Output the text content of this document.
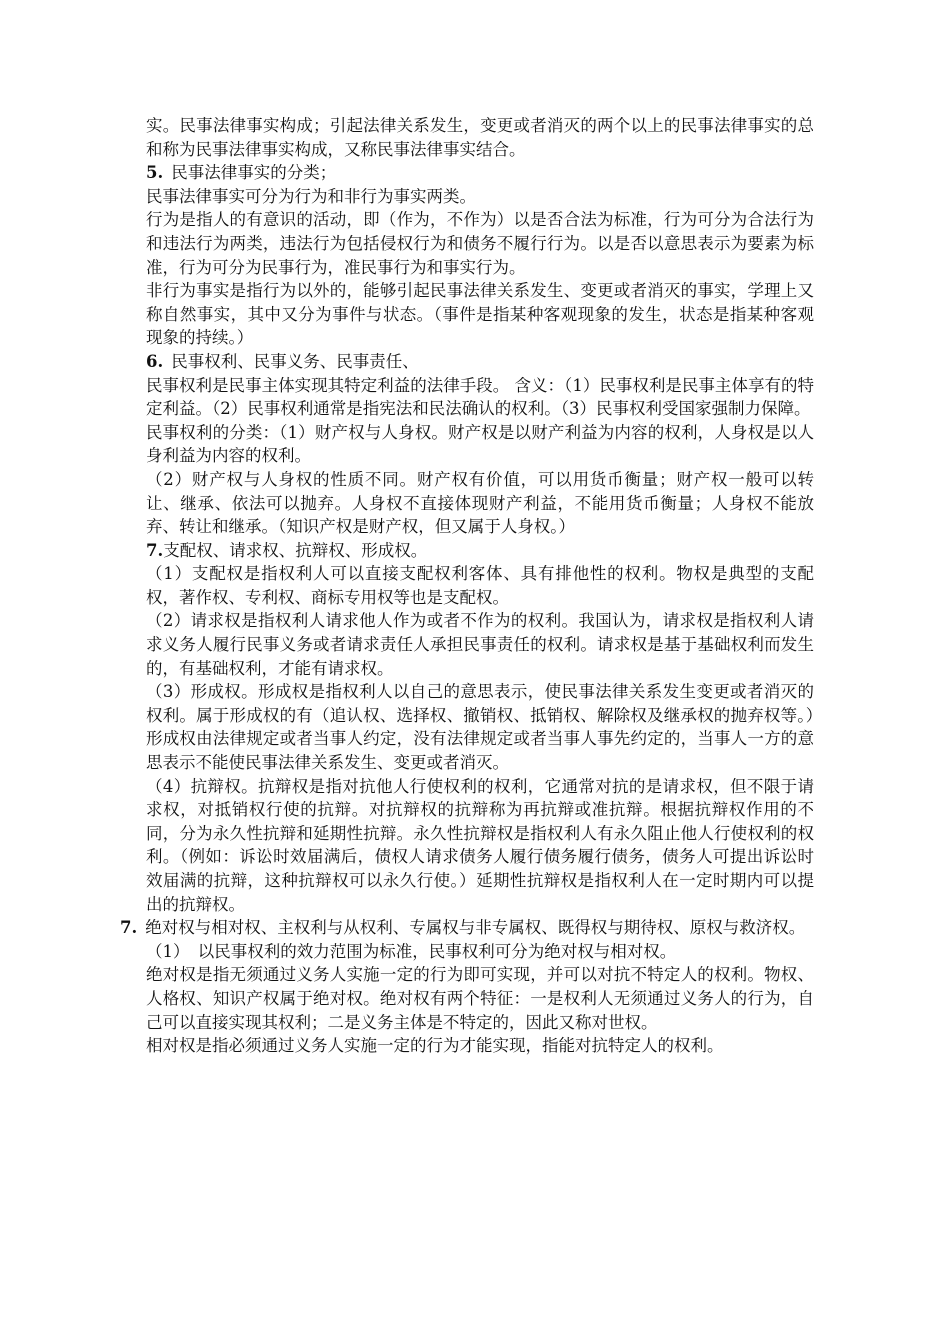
实。民事法律事实构成；引起法律关系发生，变更或者消灭的两个以上的民事法律事实的总和称为民事法律事实构成，又称民事法律事实结合。

5. 民事法律事实的分类；

民事法律事实可分为行为和非行为事实两类。

行为是指人的有意识的活动，即（作为，不作为）以是否合法为标准，行为可分为合法行为和违法行为两类，违法行为包括侵权行为和债务不履行行为。以是否以意思表示为要素为标准，行为可分为民事行为，准民事行为和事实行为。

非行为事实是指行为以外的，能够引起民事法律关系发生、变更或者消灭的事实，学理上又称自然事实，其中又分为事件与状态。（事件是指某种客观现象的发生，状态是指某种客观现象的持续。）

6. 民事权利、民事义务、民事责任、

民事权利是民事主体实现其特定利益的法律手段。 含义：（1）民事权利是民事主体享有的特定利益。（2）民事权利通常是指宪法和民法确认的权利。（3）民事权利受国家强制力保障。

民事权利的分类：（1）财产权与人身权。财产权是以财产利益为内容的权利，人身权是以人身利益为内容的权利。

（2）财产权与人身权的性质不同。财产权有价值，可以用货币衡量；财产权一般可以转让、继承、依法可以抛弃。人身权不直接体现财产利益，不能用货币衡量；人身权不能放弃、转让和继承。（知识产权是财产权，但又属于人身权。）

7.支配权、请求权、抗辩权、形成权。

（1）支配权是指权利人可以直接支配权利客体、具有排他性的权利。物权是典型的支配权，著作权、专利权、商标专用权等也是支配权。

（2）请求权是指权利人请求他人作为或者不作为的权利。我国认为，请求权是指权利人请求义务人履行民事义务或者请求责任人承担民事责任的权利。请求权是基于基础权利而发生的，有基础权利，才能有请求权。

（3）形成权。形成权是指权利人以自己的意思表示，使民事法律关系发生变更或者消灭的权利。属于形成权的有（追认权、选择权、撤销权、抵销权、解除权及继承权的抛弃权等。）形成权由法律规定或者当事人约定，没有法律规定或者当事人事先约定的，当事人一方的意思表示不能使民事法律关系发生、变更或者消灭。

（4）抗辩权。抗辩权是指对抗他人行使权利的权利，它通常对抗的是请求权，但不限于请求权，对抵销权行使的抗辩。对抗辩权的抗辩称为再抗辩或准抗辩。根据抗辩权作用的不同，分为永久性抗辩和延期性抗辩。永久性抗辩权是指权利人有永久阻止他人行使权利的权利。（例如：诉讼时效届满后，债权人请求债务人履行债务履行债务，债务人可提出诉讼时效届满的抗辩，这种抗辩权可以永久行使。）延期性抗辩权是指权利人在一定时期内可以提出的抗辩权。

7. 绝对权与相对权、主权利与从权利、专属权与非专属权、既得权与期待权、原权与救济权。

（1）　以民事权利的效力范围为标准，民事权利可分为绝对权与相对权。

绝对权是指无须通过义务人实施一定的行为即可实现，并可以对抗不特定人的权利。物权、人格权、知识产权属于绝对权。绝对权有两个特征：一是权利人无须通过义务人的行为，自己可以直接实现其权利；二是义务主体是不特定的，因此又称对世权。

相对权是指必须通过义务人实施一定的行为才能实现，指能对抗特定人的权利。
